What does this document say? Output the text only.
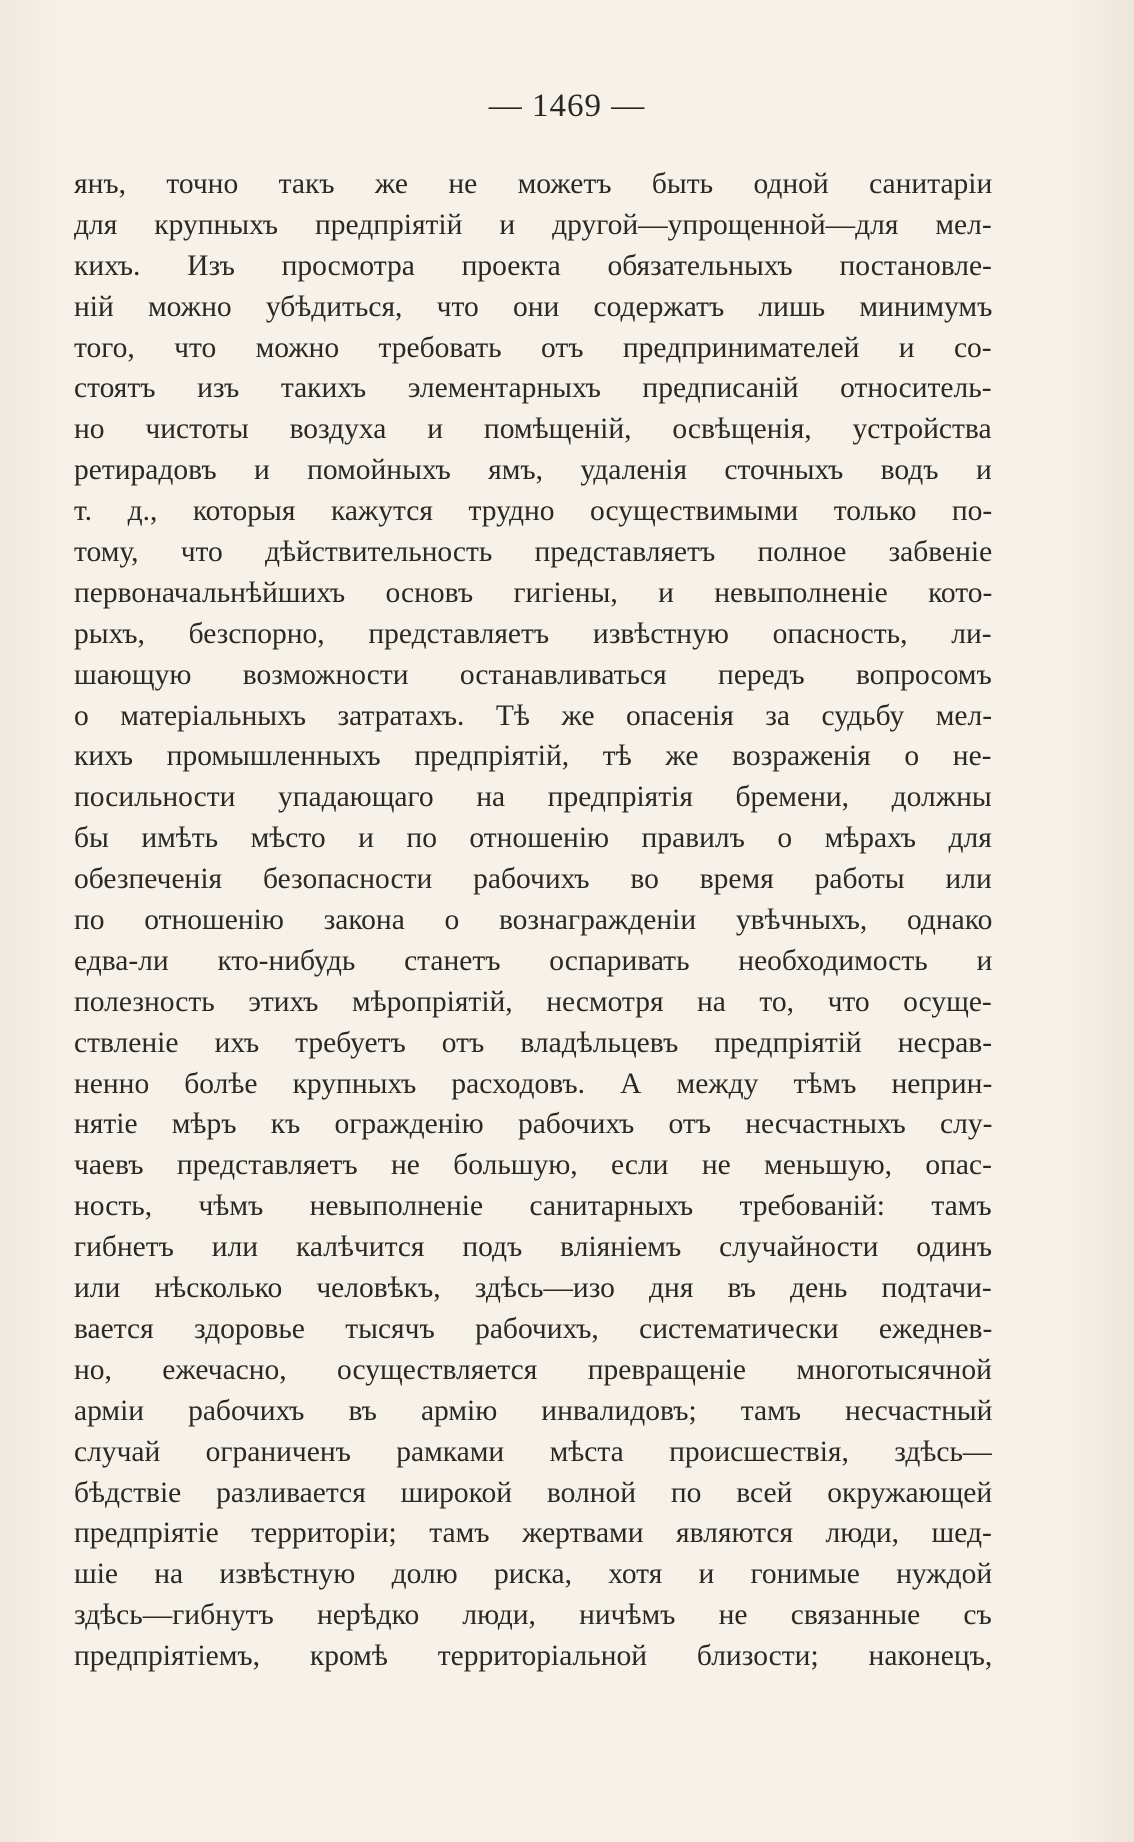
— 1469 —
янъ, точно такъ же не можетъ быть одной санитаріи
для крупныхъ предпріятій и другой—упрощенной—для мел-
кихъ. Изъ просмотра проекта обязательныхъ постановле-
ній можно убѣдиться, что они содержатъ лишь минимумъ
того, что можно требовать отъ предпринимателей и со-
стоятъ изъ такихъ элементарныхъ предписаній относитель-
но чистоты воздуха и помѣщеній, освѣщенія, устройства
ретирадовъ и помойныхъ ямъ, удаленія сточныхъ водъ и
т. д., которыя кажутся трудно осуществимыми только по-
тому, что дѣйствительность представляетъ полное забвеніе
первоначальнѣйшихъ основъ гигіены, и невыполненіе кото-
рыхъ, безспорно, представляетъ извѣстную опасность, ли-
шающую возможности останавливаться передъ вопросомъ
о матеріальныхъ затратахъ. Тѣ же опасенія за судьбу мел-
кихъ промышленныхъ предпріятій, тѣ же возраженія о не-
посильности упадающаго на предпріятія бремени, должны
бы имѣть мѣсто и по отношенію правилъ о мѣрахъ для
обезпеченія безопасности рабочихъ во время работы или
по отношенію закона о вознагражденіи увѣчныхъ, однако
едва-ли кто-нибудь станетъ оспаривать необходимость и
полезность этихъ мѣропріятій, несмотря на то, что осуще-
ствленіе ихъ требуетъ отъ владѣльцевъ предпріятій несрав-
ненно болѣе крупныхъ расходовъ. А между тѣмъ неприн-
нятіе мѣръ къ огражденію рабочихъ отъ несчастныхъ слу-
чаевъ представляетъ не большую, если не меньшую, опас-
ность, чѣмъ невыполненіе санитарныхъ требованій: тамъ
гибнетъ или калѣчится подъ вліяніемъ случайности одинъ
или нѣсколько человѣкъ, здѣсь—изо дня въ день подтачи-
вается здоровье тысячъ рабочихъ, систематически ежеднев-
но, ежечасно, осуществляется превращеніе многотысячной
арміи рабочихъ въ армію инвалидовъ; тамъ несчастный
случай ограниченъ рамками мѣста происшествія, здѣсь—
бѣдствіе разливается широкой волной по всей окружающей
предпріятіе территоріи; тамъ жертвами являются люди, шед-
шіе на извѣстную долю риска, хотя и гонимые нуждой
здѣсь—гибнутъ нерѣдко люди, ничѣмъ не связанные съ
предпріятіемъ, кромѣ территоріальной близости; наконецъ,
